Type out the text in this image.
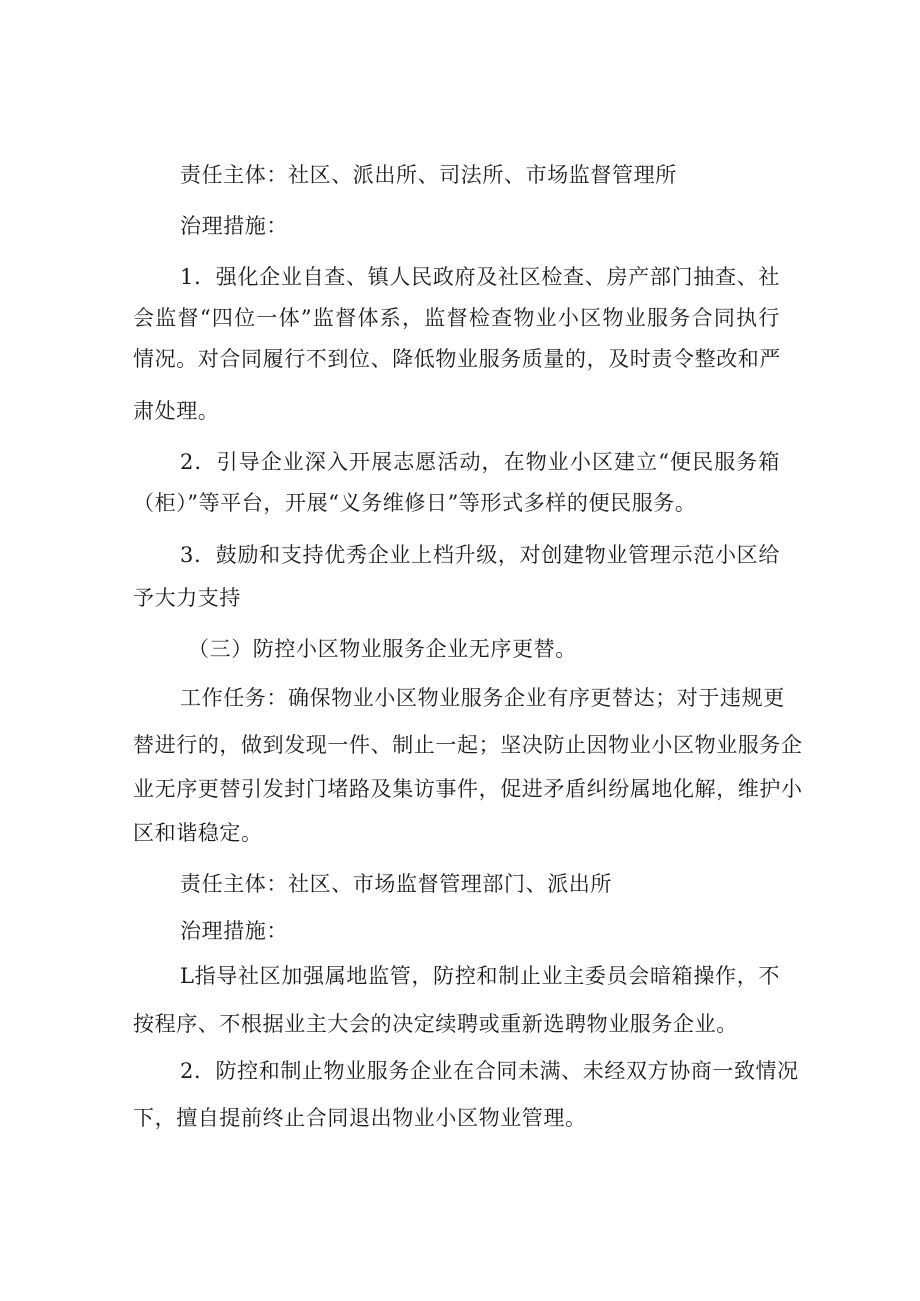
责任主体：社区、派出所、司法所、市场监督管理所
治理措施：
1．强化企业自查、镇人民政府及社区检查、房产部门抽查、社
会监督“四位一体”监督体系，监督检查物业小区物业服务合同执行
情况。对合同履行不到位、降低物业服务质量的，及时责令整改和严
肃处理。
2．引导企业深入开展志愿活动，在物业小区建立“便民服务箱
（柜）”等平台，开展“义务维修日”等形式多样的便民服务。
3．鼓励和支持优秀企业上档升级，对创建物业管理示范小区给
予大力支持
（三）防控小区物业服务企业无序更替。
工作任务：确保物业小区物业服务企业有序更替达；对于违规更
替进行的，做到发现一件、制止一起；坚决防止因物业小区物业服务企
业无序更替引发封门堵路及集访事件，促进矛盾纠纷属地化解，维护小
区和谐稳定。
责任主体：社区、市场监督管理部门、派出所
治理措施：
L指导社区加强属地监管，防控和制止业主委员会暗箱操作，不
按程序、不根据业主大会的决定续聘或重新选聘物业服务企业。
2．防控和制止物业服务企业在合同未满、未经双方协商一致情况
下，擅自提前终止合同退出物业小区物业管理。
